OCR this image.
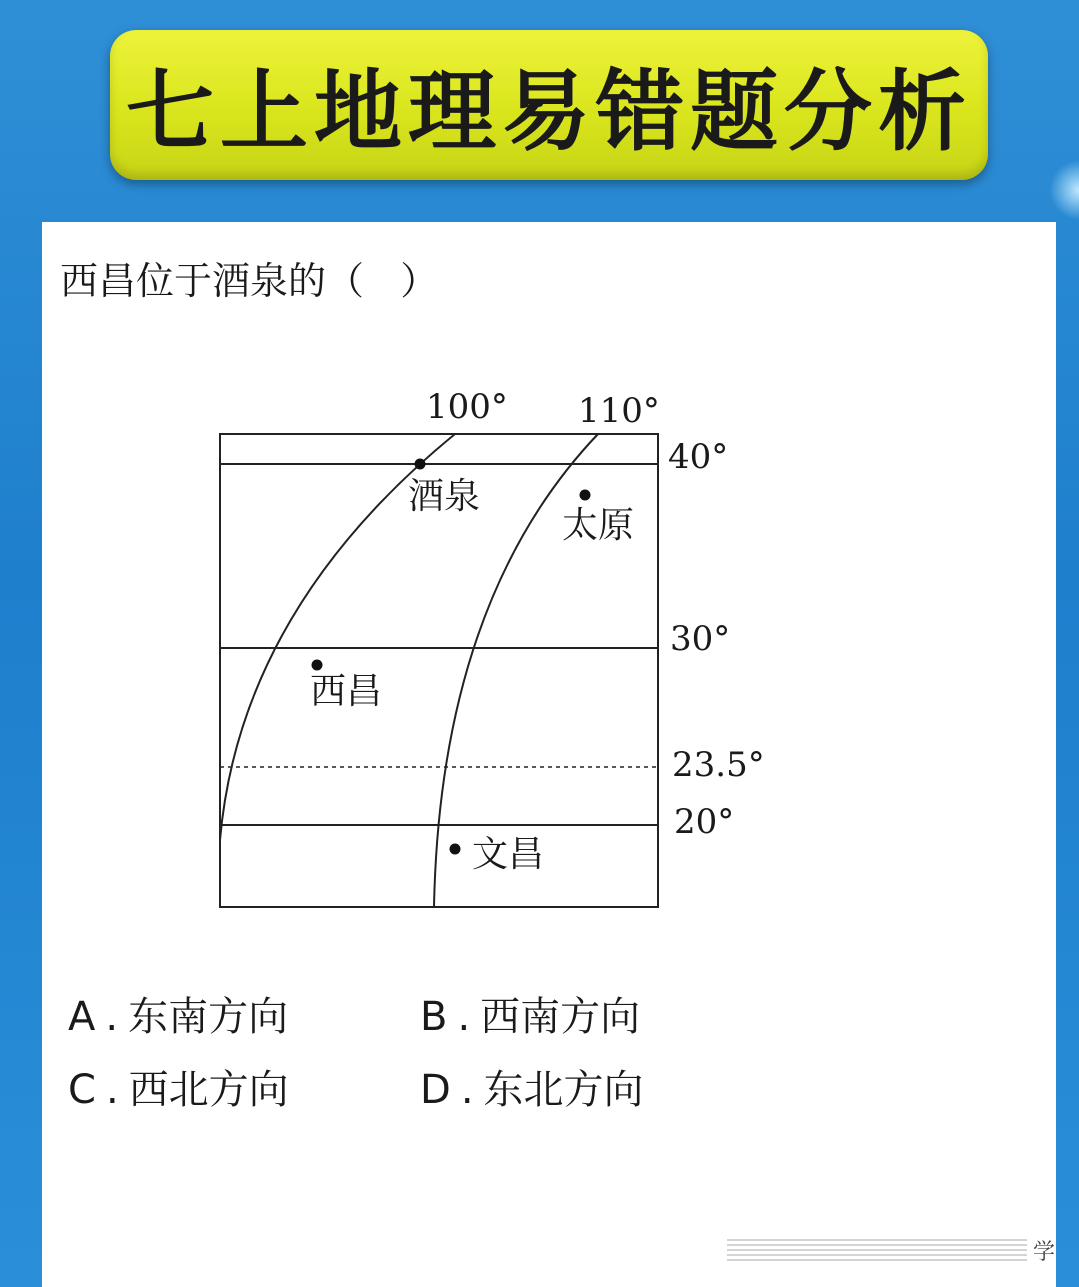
七上地理易错题分析
西昌位于酒泉的（ ）
100° 110°
40°
30°
23.5°
20°
酒泉
太原
西昌
文昌
A . 东南方向	B . 西南方向
C . 西北方向	D . 东北方向
学
